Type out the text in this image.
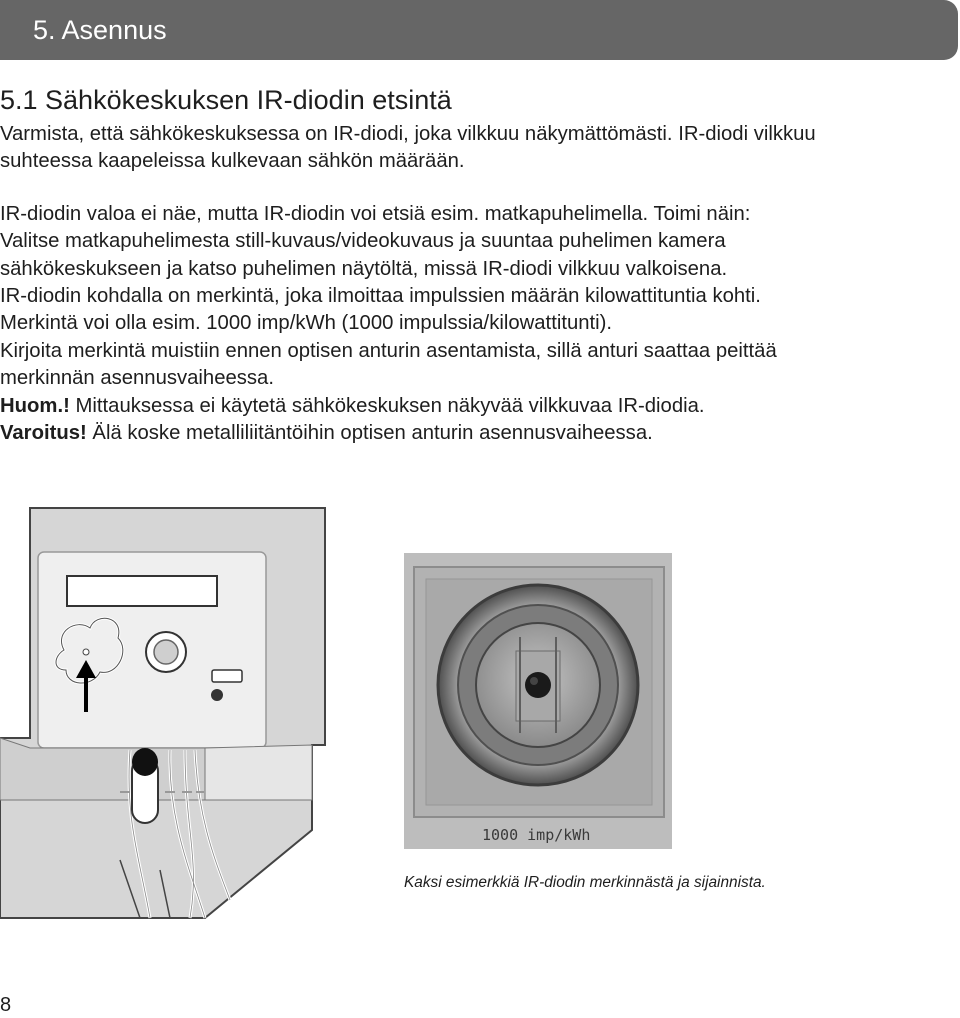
5. Asennus
5.1 Sähkökeskuksen IR-diodin etsintä

Varmista, että sähkökeskuksessa on IR-diodi, joka vilkkuu näkymättömästi. IR-diodi vilkkuu

suhteessa kaapeleissa kulkevaan sähkön määrään.

IR-diodin valoa ei näe, mutta IR-diodin voi etsiä esim. matkapuhelimella. Toimi näin:

Valitse matkapuhelimesta still-kuvaus/videokuvaus ja suuntaa puhelimen kamera

sähkökeskukseen ja katso puhelimen näytöltä, missä IR-diodi vilkkuu valkoisena.

IR-diodin kohdalla on merkintä, joka ilmoittaa impulssien määrän kilowattituntia kohti.

Merkintä voi olla esim. 1000 imp/kWh (1000 impulssia/kilowattitunti).

Kirjoita merkintä muistiin ennen optisen anturin asentamista, sillä anturi saattaa peittää

merkinnän asennusvaiheessa.

Huom.! Mittauksessa ei käytetä sähkökeskuksen näkyvää vilkkuvaa IR-diodia.

Varoitus! Älä koske metalliliitäntöihin optisen anturin asennusvaiheessa.

1000 imp/kWh
Kaksi esimerkkiä IR-diodin merkinnästä ja sijainnista.
8
